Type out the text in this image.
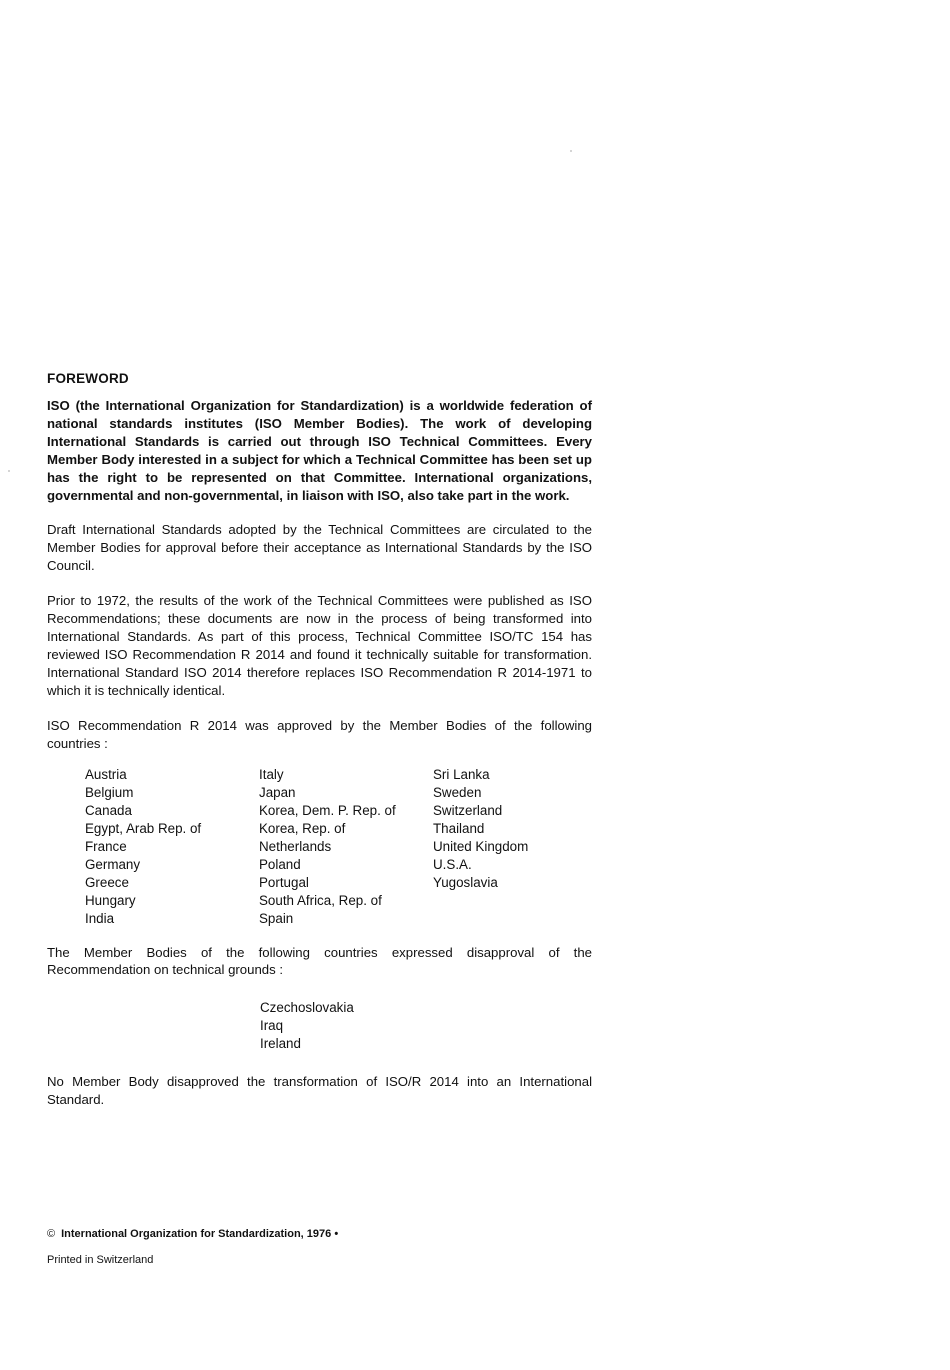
FOREWORD

ISO (the International Organization for Standardization) is a worldwide federation of national standards institutes (ISO Member Bodies). The work of developing International Standards is carried out through ISO Technical Committees. Every Member Body interested in a subject for which a Technical Committee has been set up has the right to be represented on that Committee. International organizations, governmental and non-governmental, in liaison with ISO, also take part in the work.

Draft International Standards adopted by the Technical Committees are circulated to the Member Bodies for approval before their acceptance as International Standards by the ISO Council.

Prior to 1972, the results of the work of the Technical Committees were published as ISO Recommendations; these documents are now in the process of being transformed into International Standards. As part of this process, Technical Committee ISO/TC 154 has reviewed ISO Recommendation R 2014 and found it technically suitable for transformation. International Standard ISO 2014 therefore replaces ISO Recommendation R 2014-1971 to which it is technically identical.

ISO Recommendation R 2014 was approved by the Member Bodies of the following countries :

Austria
Belgium
Canada
Egypt, Arab Rep. of
France
Germany
Greece
Hungary
India
Italy
Japan
Korea, Dem. P. Rep. of
Korea, Rep. of
Netherlands
Poland
Portugal
South Africa, Rep. of
Spain
Sri Lanka
Sweden
Switzerland
Thailand
United Kingdom
U.S.A.
Yugoslavia

The Member Bodies of the following countries expressed disapproval of the Recommendation on technical grounds :

Czechoslovakia
Iraq
Ireland

No Member Body disapproved the transformation of ISO/R 2014 into an International Standard.

© International Organization for Standardization, 1976 •

Printed in Switzerland
